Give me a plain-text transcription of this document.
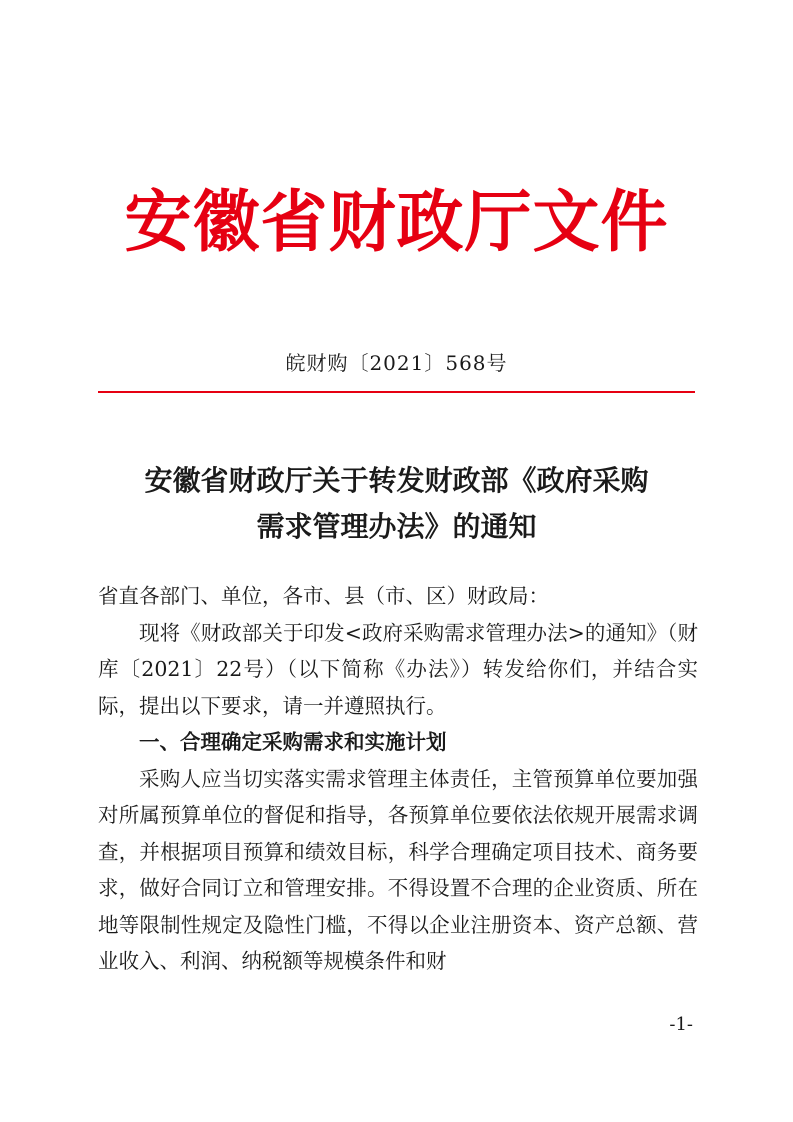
安徽省财政厅文件
皖财购〔2021〕568号
安徽省财政厅关于转发财政部《政府采购
需求管理办法》的通知

省直各部门、单位，各市、县（市、区）财政局：

现将《财政部关于印发<政府采购需求管理办法>的通知》（财库〔2021〕22号）（以下简称《办法》）转发给你们，并结合实际，提出以下要求，请一并遵照执行。

一、合理确定采购需求和实施计划

采购人应当切实落实需求管理主体责任，主管预算单位要加强对所属预算单位的督促和指导，各预算单位要依法依规开展需求调查，并根据项目预算和绩效目标，科学合理确定项目技术、商务要求，做好合同订立和管理安排。不得设置不合理的企业资质、所在地等限制性规定及隐性门槛，不得以企业注册资本、资产总额、营业收入、利润、纳税额等规模条件和财

-1-
